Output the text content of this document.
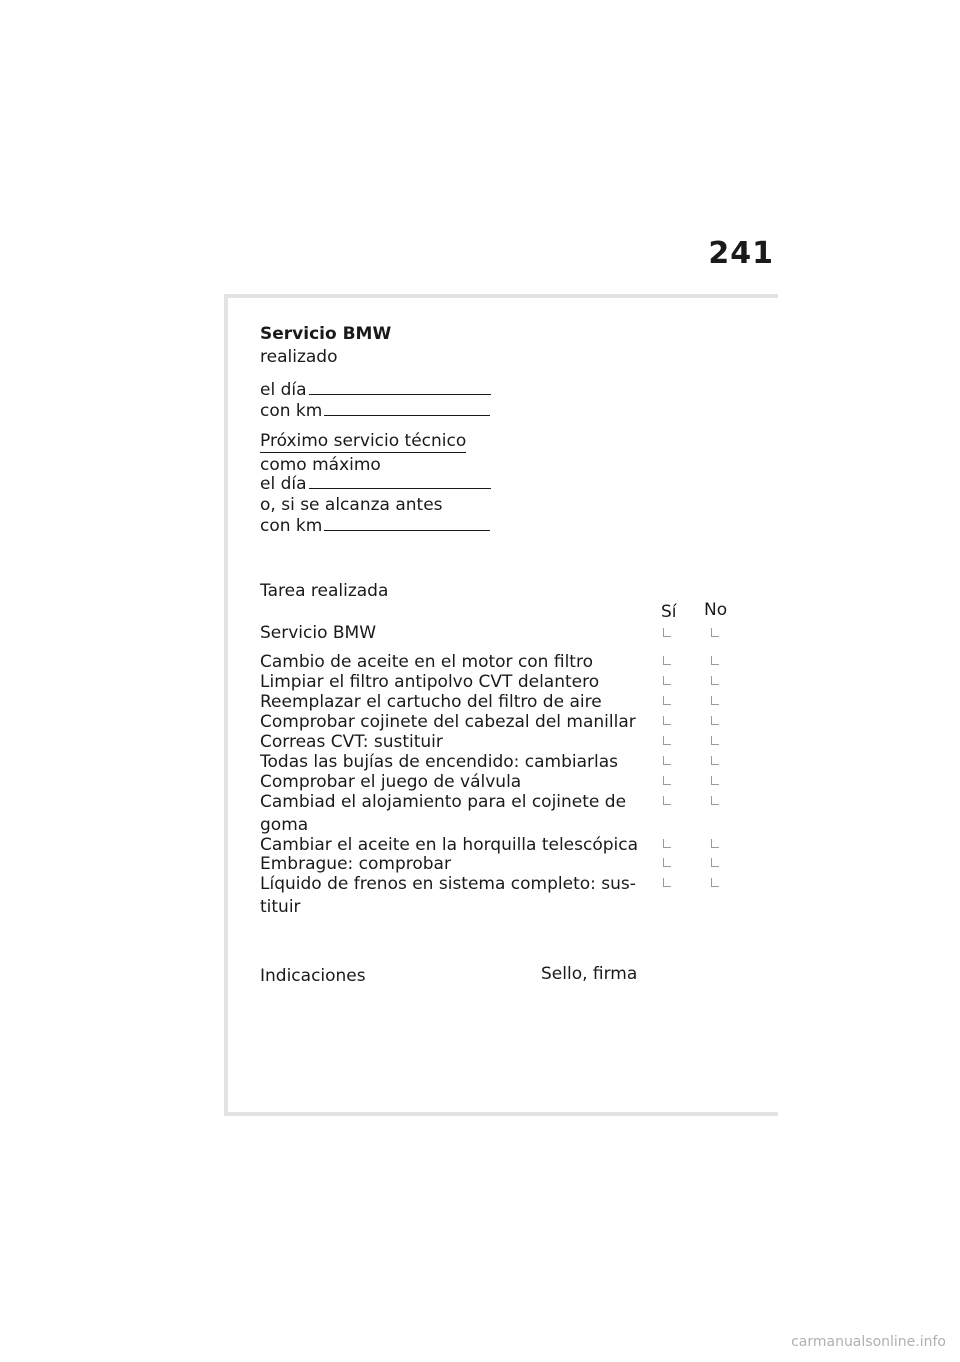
241
Servicio BMW
realizado
el día
con km
Próximo servicio técnico
como máximo
el día
o, si se alcanza antes
con km
Tarea realizada
Sí No
Servicio BMW
Cambio de aceite en el motor con filtro
Limpiar el filtro antipolvo CVT delantero
Reemplazar el cartucho del filtro de aire
Comprobar cojinete del cabezal del manillar
Correas CVT: sustituir
Todas las bujías de encendido: cambiarlas
Comprobar el juego de válvula
Cambiad el alojamiento para el cojinete de
goma
Cambiar el aceite en la horquilla telescópica
Embrague: comprobar
Líquido de frenos en sistema completo: sus-
tituir
Indicaciones	Sello, firma
carmanualsonline.info
